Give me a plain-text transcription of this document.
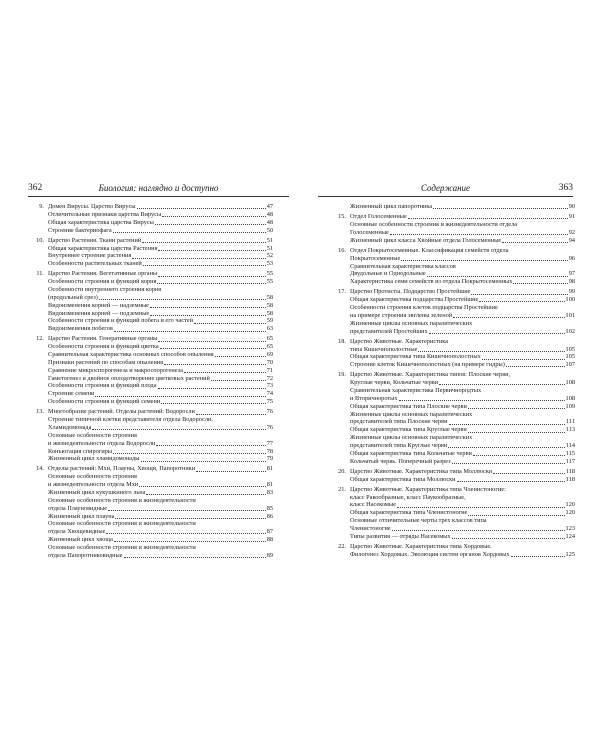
362	Биология: наглядно и доступно
9. Домен Вирусы. Царство Вирусы	47
Отличительные признаки царства Вирусы	48
Общая характеристика царства Вирусы	48
Строение бактериофага	50
10. Царство Растения. Ткани растений	51
Общая характеристика царства Растения	51
Внутреннее строение растения	52
Особенности растительных тканей	53
11. Царство Растения. Вегетативные органы	55
Особенности строения и функций корня	55
Особенности внутреннего строения корня
(продольный срез)	58
Видоизменения корней — надземные	58
Видоизменения корней — подземные	58
Особенности строения и функций побега и его частей	59
Видоизменения побегов	63
12. Царство Растения. Генеративные органы	65
Особенности строения и функций цветка	65
Сравнительная характеристика основных способов опыления	69
Признаки растений по способам опыления	70
Сравнение микроспорогенеза и макроспорогенеза	71
Гаметогенез и двойное оплодотворение цветковых растений	72
Особенности строения и функций плода	73
Строение семени	74
Особенности строения и функций семени	75
13. Многообразие растений. Отделы растений: Водоросли	76
Строение типичной клетки представителя отдела Водоросли.
Хламидомонада	76
Основные особенности строения
и жизнедеятельности отдела Водоросли	77
Конъюгация спирогиры	78
Жизненный цикл хламидомонады	79
14. Отделы растений: Мхи, Плауны, Хвощи, Папоротники	81
Основные особенности строения
и жизнедеятельности отдела Мхи	81
Жизненный цикл кукушкиного льна	83
Основные особенности строения и жизнедеятельности
отдела Плауновидные	85
Жизненный цикл плауна	86
Основные особенности строения и жизнедеятельности
отдела Хвощевидные	87
Жизненный цикл хвоща	88
Основные особенности строения и жизнедеятельности
отдела Папоротниковидные	89
Содержание	363
Жизненный цикл папоротника	90
15. Отдел Голосеменные	91
Основные особенности строения и жизнедеятельности отдела
Голосеменные	92
Жизненный цикл класса Хвойные отдела Голосеменные	94
16. Отдел Покрытосеменные. Классификация семейств отдела
Покрытосеменные	96
Сравнительная характеристика классов
Двудольные и Однодольные	97
Характеристика семи семейств из отдела Покрытосеменных	98
17. Царство Протисты. Подцарство Простейшие	99
Общая характеристика подцарства Простейшие	100
Особенности строения клеток подцарства Простейшие
на примере строения эвглены зеленой	101
Жизненные циклы основных паразитических
представителей Простейших	102
18. Царство Животные. Характеристика
типа Кишечнополостные	105
Общая характеристика типа Кишечнополостных	105
Строение клеток Кишечнополостных (на примере гидры)	107
19. Царство Животные. Характеристика типов: Плоские черви,
Круглые черви, Кольчатые черви	108
Сравнительная характеристика Первичнородтых
и Вторичноротых	108
Общая характеристика типа Плоские черви	109
Жизненные циклы основных паразитических
представителей типа Плоские черви	111
Общая характеристика типа Круглые черви	113
Жизненные циклы основных паразитических
представителей типа Круглые черви	114
Общая характеристика типа Кольчатые черви	115
Кольчатый червь. Поперечный разрез	117
20. Царство Животные. Характеристика типа Моллюски	118
Общая характеристика типа Моллюски	118
21. Царство Животные. Характеристика типа Членистоногие:
класс Ракообразные, класс Паукообразные,
класс Насекомые	120
Общая характеристика типа Членистоногие	120
Основные отличительные черты трех классов типа
Членистоногие	123
Типы развития — отряды Насекомых	124
22. Царство Животные. Характеристика типа Хордовые.
Филогенез Хордовых. Эволюция систем органов Хордовых	125
